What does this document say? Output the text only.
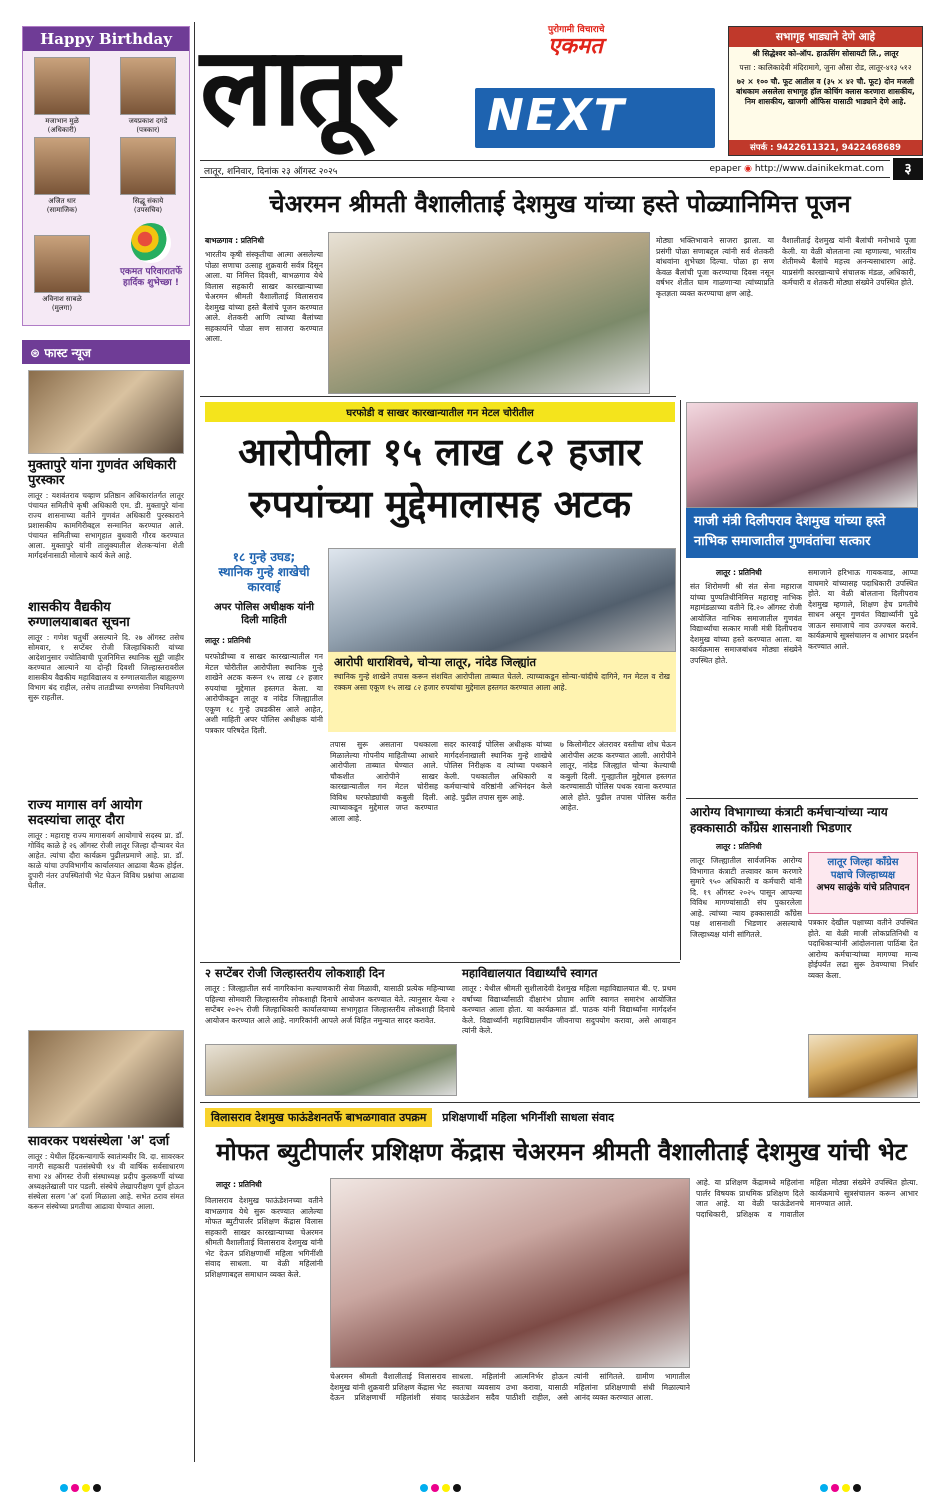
Happy Birthday
मजाभान मुळे
(अधिकारी)
जयप्रकाश दगडे
(पत्रकार)
अजित धार
(सामाजिक)
सिद्धू संकाये
(उपसचिव)
अविनाश साबळे
(मुलगा)
एकमत परिवारातर्फे हार्दिक शुभेच्छा !
⊛ फास्ट न्यूज
मुक्तापुरे यांना गुणवंत अधिकारी पुरस्कार
लातूर : यशवंतराव चव्हाण प्रतिष्ठान अधिकारांतर्गत लातूर पंचायत समितीचे कृषी अधिकारी एम. डी. मुक्तापुरे यांना राज्य शासनाच्या वतीने गुणवंत अधिकारी पुरस्काराने प्रशासकीय कामगिरीबद्दल सन्मानित करण्यात आले. पंचायत समितीच्या सभागृहात बुधवारी गौरव करण्यात आला. मुक्तापुरे यांनी तालुक्यातील शेतकऱ्यांना शेती मार्गदर्शनासाठी मोलाचे कार्य केले आहे.
शासकीय वैद्यकीय रुग्णालयाबाबत सूचना
लातूर : गणेश चतुर्थी असल्याने दि. २७ ऑगस्ट तसेच सोमवार, १ सप्टेंबर रोजी जिल्हाधिकारी यांच्या आदेशानुसार ज्योतिबाची पूजनिमित्त स्थानिक सुट्टी जाहीर करण्यात आल्याने या दोन्ही दिवशी जिल्हास्तरावरील शासकीय वैद्यकीय महाविद्यालय व रुग्णालयातील बाह्यरुग्ण विभाग बंद राहील, तसेच तातडीच्या रुग्णसेवा नियमितपणे सुरू राहतील.
राज्य मागास वर्ग आयोग सदस्यांचा लातूर दौरा
लातूर : महाराष्ट्र राज्य मागासवर्ग आयोगाचे सदस्य प्रा. डॉ. गोविंद काळे हे २६ ऑगस्ट रोजी लातूर जिल्हा दौऱ्यावर येत आहेत. त्यांचा दौरा कार्यक्रम पुढीलप्रमाणे आहे. प्रा. डॉ. काळे यांचा उपविभागीय कार्यालयात आढावा बैठक होईल. दुपारी नंतर उपस्थितांची भेट घेऊन विविध प्रश्नांचा आढावा घेतील.
सावरकर पथसंस्थेला 'अ' दर्जा
लातूर : येथील हिंदकन्यागार्फे स्वातंत्र्यवीर वि. दा. सावरकर नागरी सहकारी पतसंस्थेची १४ वी वार्षिक सर्वसाधारण सभा २४ ऑगस्ट रोजी संस्थाध्यक्ष प्रदीप कुलकर्णी यांच्या अध्यक्षतेखाली पार पडली. संस्थेचे लेखापरीक्षण पूर्ण होऊन संस्थेला सलग 'अ' दर्जा मिळाला आहे. सभेत ठराव संमत करून संस्थेच्या प्रगतीचा आढावा घेण्यात आला.
लातूर	पुरोगामी विचाराचे
एकमत
NEXT
सभागृह भाड्याने देणे आहे
श्री सिद्धेश्वर को-ऑप. हाऊसिंग सोसायटी लि., लातूर
पत्ता : कालिकादेवी मंदिरामागे, जुना औसा रोड, लातूर-४१३ ५१२
७२ × १०० चौ. फूट आतील व (३५ × ४२ चौ. फूट) दोन मजली बांधकाम असलेला सभागृह हॉल कोचिंग क्लास करणारा शासकीय, निम शासकीय, खाजगी ऑफिस यासाठी भाड्याने देणे आहे.
संपर्क : 9422611321, 9422468689
लातूर, शनिवार, दिनांक २३ ऑगस्ट २०२५	epaper ◉ http://www.dainikekmat.com	३
चेअरमन श्रीमती वैशालीताई देशमुख यांच्या हस्ते पोळ्यानिमित्त पूजन
बाभळगाव : प्रतिनिधी
भारतीय कृषी संस्कृतीचा आत्मा असलेल्या पोळा सणाचा उत्साह शुक्रवारी सर्वत्र दिसून आला. या निमित्त दिवशी, बाभळगाव येथे विलास सहकारी साखर कारखान्याच्या चेअरमन श्रीमती वैशालीताई विलासराव देशमुख यांच्या हस्ते बैलांचे पूजन करण्यात आले. शेतकरी आणि त्यांच्या बैलांच्या सहकार्याने पोळा सण साजरा करण्यात आला.
मोठ्या भक्तिभावाने साजरा झाला. या प्रसंगी पोळा सणाबद्दल त्यांनी सर्व शेतकरी बांधवांना शुभेच्छा दिल्या. पोळा हा सण केवळ बैलांची पूजा करण्याचा दिवस नसून वर्षभर शेतीत घाम गाळणाऱ्या त्यांच्याप्रति कृतज्ञता व्यक्त करण्याचा क्षण आहे.
वैशालीताई देशमुख यांनी बैलांची मनोभावे पूजा केली. या वेळी बोलताना त्या म्हणाल्या, भारतीय शेतीमध्ये बैलांचे महत्त्व अनन्यसाधारण आहे. याप्रसंगी कारखान्याचे संचालक मंडळ, अधिकारी, कर्मचारी व शेतकरी मोठ्या संख्येने उपस्थित होते.
घरफोडी व साखर कारखान्यातील गन मेटल चोरीतील
आरोपीला १५ लाख ८२ हजार
रुपयांच्या मुद्देमालासह अटक
१८ गुन्हे उघड;
स्थानिक गुन्हे शाखेची कारवाई
अपर पोलिस अधीक्षक यांनी दिली माहिती
आरोपी धाराशिवचे, चोऱ्या लातूर, नांदेड जिल्ह्यांत
स्थानिक गुन्हे शाखेने तपास करून संशयित आरोपीला ताब्यात घेतले. त्याच्याकडून सोन्या-चांदीचे दागिने, गन मेटल व रोख रक्कम असा एकूण १५ लाख ८२ हजार रुपयांचा मुद्देमाल हस्तगत करण्यात आला आहे.
लातूर : प्रतिनिधी
घरफोडीच्या व साखर कारखान्यातील गन मेटल चोरीतील आरोपीला स्थानिक गुन्हे शाखेने अटक करून १५ लाख ८२ हजार रुपयांचा मुद्देमाल हस्तगत केला. या आरोपीकडून लातूर व नांदेड जिल्ह्यातील एकूण १८ गुन्हे उघडकीस आले आहेत, अशी माहिती अपर पोलिस अधीक्षक यांनी पत्रकार परिषदेत दिली.
तपास सुरू असताना पथकाला मिळालेल्या गोपनीय माहितीच्या आधारे आरोपीला ताब्यात घेण्यात आले. चौकशीत आरोपीने साखर कारखान्यातील गन मेटल चोरीसह विविध घरफोड्यांची कबुली दिली. त्याच्याकडून मुद्देमाल जप्त करण्यात आला आहे.
सदर कारवाई पोलिस अधीक्षक यांच्या मार्गदर्शनाखाली स्थानिक गुन्हे शाखेचे पोलिस निरीक्षक व त्यांच्या पथकाने केली. पथकातील अधिकारी व कर्मचाऱ्यांचे वरिष्ठांनी अभिनंदन केले आहे. पुढील तपास सुरू आहे.
७ किलोमीटर अंतरावर वस्तीचा शोध घेऊन आरोपीस अटक करण्यात आली. आरोपीने लातूर, नांदेड जिल्ह्यांत चोऱ्या केल्याची कबुली दिली. गुन्ह्यातील मुद्देमाल हस्तगत करण्यासाठी पोलिस पथक रवाना करण्यात आले होते. पुढील तपास पोलिस करीत आहेत.
माजी मंत्री दिलीपराव देशमुख यांच्या हस्ते नाभिक समाजातील गुणवंतांचा सत्कार
लातूर : प्रतिनिधी
संत शिरोमणी श्री संत सेना महाराज यांच्या पुण्यतिथीनिमित्त महाराष्ट्र नाभिक महामंडळाच्या वतीने दि.२० ऑगस्ट रोजी आयोजित नाभिक समाजातील गुणवंत विद्यार्थ्यांचा सत्कार माजी मंत्री दिलीपराव देशमुख यांच्या हस्ते करण्यात आला. या कार्यक्रमास समाजबांधव मोठ्या संख्येने उपस्थित होते.
समाजाने हरिभाऊ गायकवाड, आप्पा वाघमारे यांच्यासह पदाधिकारी उपस्थित होते. या वेळी बोलताना दिलीपराव देशमुख म्हणाले, शिक्षण हेच प्रगतीचे साधन असून गुणवंत विद्यार्थ्यांनी पुढे जाऊन समाजाचे नाव उज्ज्वल करावे. कार्यक्रमाचे सूत्रसंचालन व आभार प्रदर्शन करण्यात आले.
आरोग्य विभागाच्या कंत्राटी कर्मचाऱ्यांच्या न्याय हक्कासाठी काँग्रेस शासनाशी भिडणार
लातूर : प्रतिनिधी
लातूर जिल्हा काँग्रेस
पक्षाचे जिल्हाध्यक्ष
अभय साळुंके यांचे प्रतिपादन
लातूर जिल्ह्यातील सार्वजनिक आरोग्य विभागात कंत्राटी तत्त्वावर काम करणारे सुमारे ९५० अधिकारी व कर्मचारी यांनी दि. १९ ऑगस्ट २०२५ पासून आपल्या विविध मागण्यांसाठी संप पुकारलेला आहे. त्यांच्या न्याय हक्कासाठी काँग्रेस पक्ष शासनाशी भिडणार असल्याचे जिल्हाध्यक्ष यांनी सांगितले.
पत्रकार देखील पक्षाच्या वतीने उपस्थित होते. या वेळी माजी लोकप्रतिनिधी व पदाधिकाऱ्यांनी आंदोलनाला पाठिंबा देत आरोग्य कर्मचाऱ्यांच्या मागण्या मान्य होईपर्यंत लढा सुरू ठेवण्याचा निर्धार व्यक्त केला.
२ सप्टेंबर रोजी जिल्हास्तरीय लोकशाही दिन
लातूर : जिल्ह्यातील सर्व नागरिकांना कल्याणकारी सेवा मिळावी, यासाठी प्रत्येक महिन्याच्या पहिल्या सोमवारी जिल्हास्तरीय लोकशाही दिनाचे आयोजन करण्यात येते. त्यानुसार येत्या २ सप्टेंबर २०२५ रोजी जिल्हाधिकारी कार्यालयाच्या सभागृहात जिल्हास्तरीय लोकशाही दिनाचे आयोजन करण्यात आले आहे. नागरिकांनी आपले अर्ज विहित नमुन्यात सादर करावेत.
महाविद्यालयात विद्यार्थ्यांचे स्वागत
लातूर : येथील श्रीमती सुशीलादेवी देशमुख महिला महाविद्यालयात बी. ए. प्रथम वर्षाच्या विद्यार्थ्यांसाठी दीक्षारंभ प्रोग्राम आणि स्वागत समारंभ आयोजित करण्यात आला होता. या कार्यक्रमात डॉ. पाठक यांनी विद्यार्थ्यांना मार्गदर्शन केले. विद्यार्थ्यांनी महाविद्यालयीन जीवनाचा सदुपयोग करावा, असे आवाहन त्यांनी केले.
विलासराव देशमुख फाऊंडेशनतर्फे बाभळगावात उपक्रम प्रशिक्षणार्थी महिला भगिनींशी साधला संवाद
मोफत ब्युटीपार्लर प्रशिक्षण केंद्रास चेअरमन श्रीमती वैशालीताई देशमुख यांची भेट
लातूर : प्रतिनिधी
विलासराव देशमुख फाऊंडेशनच्या वतीने बाभळगाव येथे सुरू करण्यात आलेल्या मोफत ब्युटीपार्लर प्रशिक्षण केंद्रास विलास सहकारी साखर कारखान्याच्या चेअरमन श्रीमती वैशालीताई विलासराव देशमुख यांनी भेट देऊन प्रशिक्षणार्थी महिला भगिनींशी संवाद साधला. या वेळी महिलांनी प्रशिक्षणाबद्दल समाधान व्यक्त केले.
चेअरमन श्रीमती वैशालीताई विलासराव देशमुख यांनी शुक्रवारी प्रशिक्षण केंद्रास भेट देऊन प्रशिक्षणार्थी महिलांशी संवाद साधला. महिलांनी आत्मनिर्भर होऊन स्वतःचा व्यवसाय उभा करावा, यासाठी फाऊंडेशन सदैव पाठीशी राहील, असे त्यांनी सांगितले. ग्रामीण भागातील महिलांना प्रशिक्षणाची संधी मिळाल्याने आनंद व्यक्त करण्यात आला.
आहे. या प्रशिक्षण केंद्रामध्ये महिलांना पार्लर विषयक प्राथमिक प्रशिक्षण दिले जात आहे. या वेळी फाऊंडेशनचे पदाधिकारी, प्रशिक्षक व गावातील महिला मोठ्या संख्येने उपस्थित होत्या. कार्यक्रमाचे सूत्रसंचालन करून आभार मानण्यात आले.
